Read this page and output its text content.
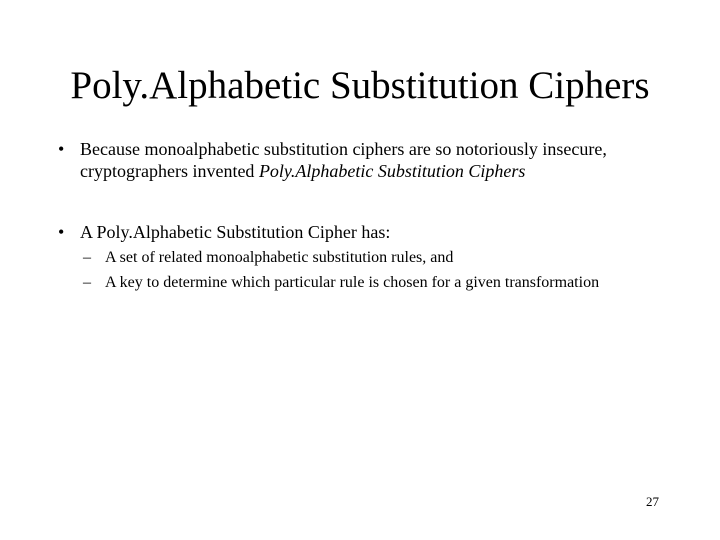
Poly.Alphabetic Substitution Ciphers
• Because monoalphabetic substitution ciphers are so notoriously insecure, cryptographers invented Poly.Alphabetic Substitution Ciphers
• A Poly.Alphabetic Substitution Cipher has:
– A set of related monoalphabetic substitution rules, and
– A key to determine which particular rule is chosen for a given transformation
27
